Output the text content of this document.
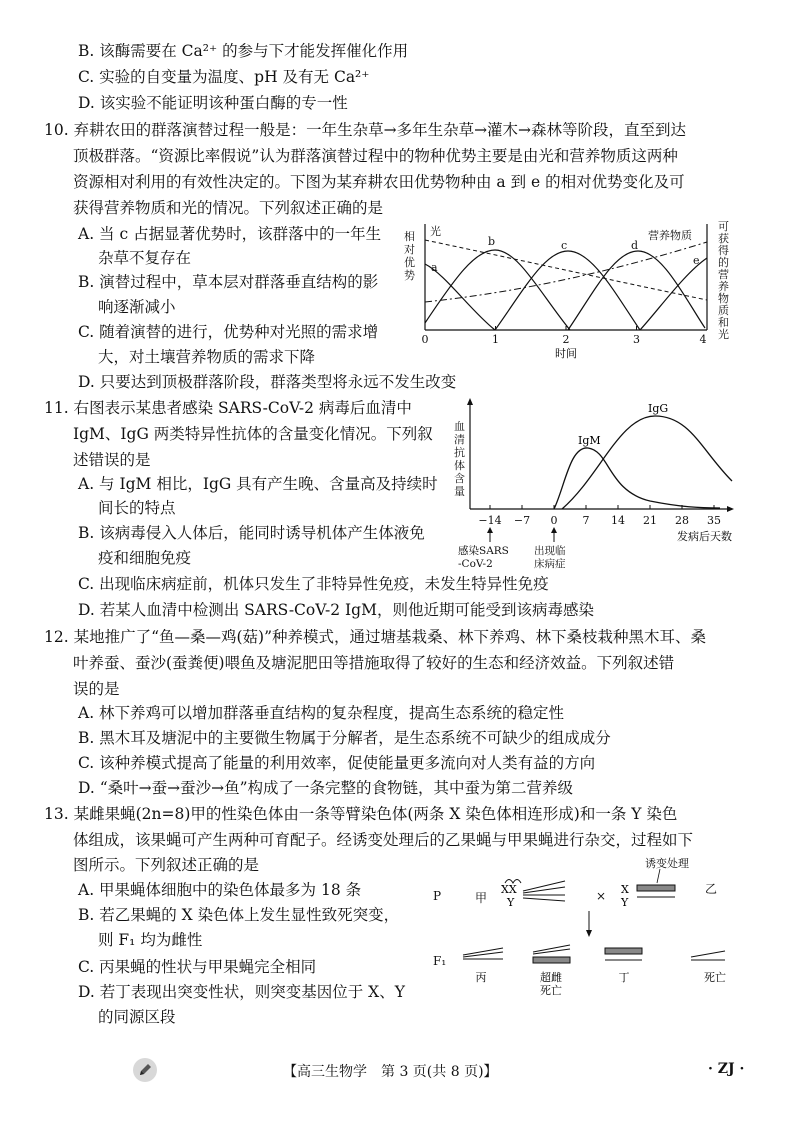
B. 该酶需要在 Ca²⁺ 的参与下才能发挥催化作用
C. 实验的自变量为温度、pH 及有无 Ca²⁺
D. 该实验不能证明该种蛋白酶的专一性
10. 弃耕农田的群落演替过程一般是：一年生杂草→多年生杂草→灌木→森林等阶段，直至到达
顶极群落。“资源比率假说”认为群落演替过程中的物种优势主要是由光和营养物质这两种
资源相对利用的有效性决定的。下图为某弃耕农田优势物种由 a 到 e 的相对优势变化及可
获得营养物质和光的情况。下列叙述正确的是
A. 当 c 占据显著优势时，该群落中的一年生
杂草不复存在
B. 演替过程中，草本层对群落垂直结构的影
响逐渐减小
C. 随着演替的进行，优势种对光照的需求增
大，对土壤营养物质的需求下降
D. 只要达到顶极群落阶段，群落类型将永远不发生改变
相
对
优
势
可
获
得
的
营
养
物
质
和
光
0	1	2	3	4
时间
光	营养物质
a
b	c	d
e
11. 右图表示某患者感染 SARS-CoV-2 病毒后血清中
IgM、IgG 两类特异性抗体的含量变化情况。下列叙
述错误的是
A. 与 IgM 相比，IgG 具有产生晚、含量高及持续时
间长的特点
B. 该病毒侵入人体后，能同时诱导机体产生体液免
疫和细胞免疫
C. 出现临床病症前，机体只发生了非特异性免疫，未发生特异性免疫
D. 若某人血清中检测出 SARS-CoV-2 IgM，则他近期可能受到该病毒感染
血
清
抗
体
含
量
−14 −7 0 7 14 21 28 35
发病后天数
IgM
IgG
感染SARS
-CoV-2
出现临
床病症
12. 某地推广了“鱼—桑—鸡(菇)”种养模式，通过塘基栽桑、林下养鸡、林下桑枝栽种黑木耳、桑
叶养蚕、蚕沙(蚕粪便)喂鱼及塘泥肥田等措施取得了较好的生态和经济效益。下列叙述错
误的是
A. 林下养鸡可以增加群落垂直结构的复杂程度，提高生态系统的稳定性
B. 黑木耳及塘泥中的主要微生物属于分解者，是生态系统不可缺少的组成成分
C. 该种养模式提高了能量的利用效率，促使能量更多流向对人类有益的方向
D. “桑叶→蚕→蚕沙→鱼”构成了一条完整的食物链，其中蚕为第二营养级
13. 某雌果蝇(2n=8)甲的性染色体由一条等臂染色体(两条 X 染色体相连形成)和一条 Y 染色
体组成，该果蝇可产生两种可育配子。经诱变处理后的乙果蝇与甲果蝇进行杂交，过程如下
图所示。下列叙述正确的是
A. 甲果蝇体细胞中的染色体最多为 18 条
B. 若乙果蝇的 X 染色体上发生显性致死突变，
则 F₁ 均为雌性
C. 丙果蝇的性状与甲果蝇完全相同
D. 若丁表现出突变性状，则突变基因位于 X、Y
的同源区段
P
F₁
甲
诱变处理
×	乙
XX
Y
X
Y
丙	超雌
死亡
丁	死亡
【高三生物学　第 3 页(共 8 页)】	· ZJ ·
